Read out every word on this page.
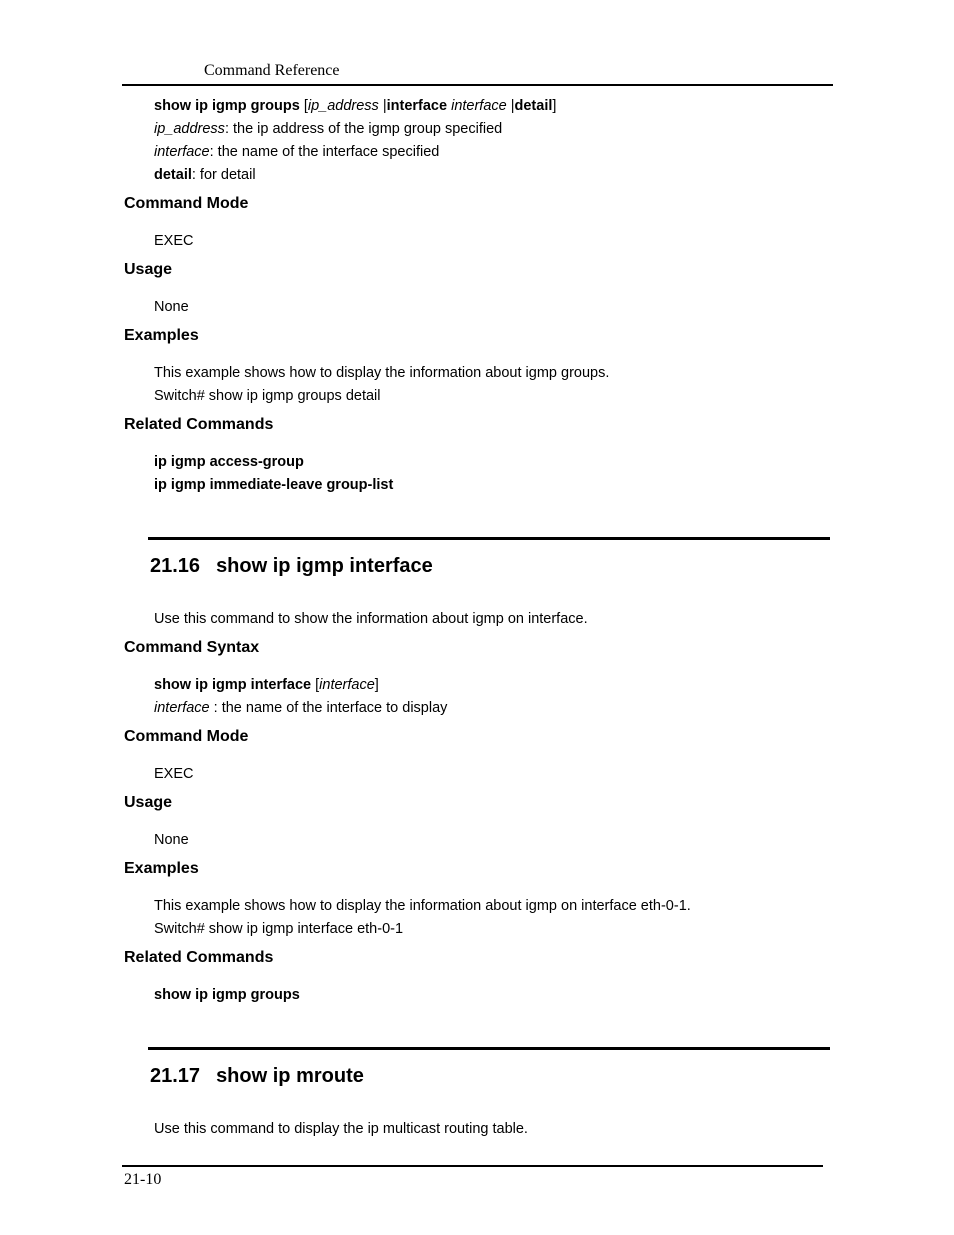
Command Reference
show ip igmp groups [ip_address |interface interface |detail]
ip_address: the ip address of the igmp group specified
interface: the name of the interface specified
detail: for detail
Command Mode
EXEC
Usage
None
Examples
This example shows how to display the information about igmp groups.
Switch# show ip igmp groups detail
Related Commands
ip igmp access-group
ip igmp immediate-leave group-list
21.16 show ip igmp interface
Use this command to show the information about igmp on interface.
Command Syntax
show ip igmp interface [interface]
interface : the name of the interface to display
Command Mode
EXEC
Usage
None
Examples
This example shows how to display the information about igmp on interface eth-0-1.
Switch# show ip igmp interface eth-0-1
Related Commands
show ip igmp groups
21.17 show ip mroute
Use this command to display the ip multicast routing table.
21-10
